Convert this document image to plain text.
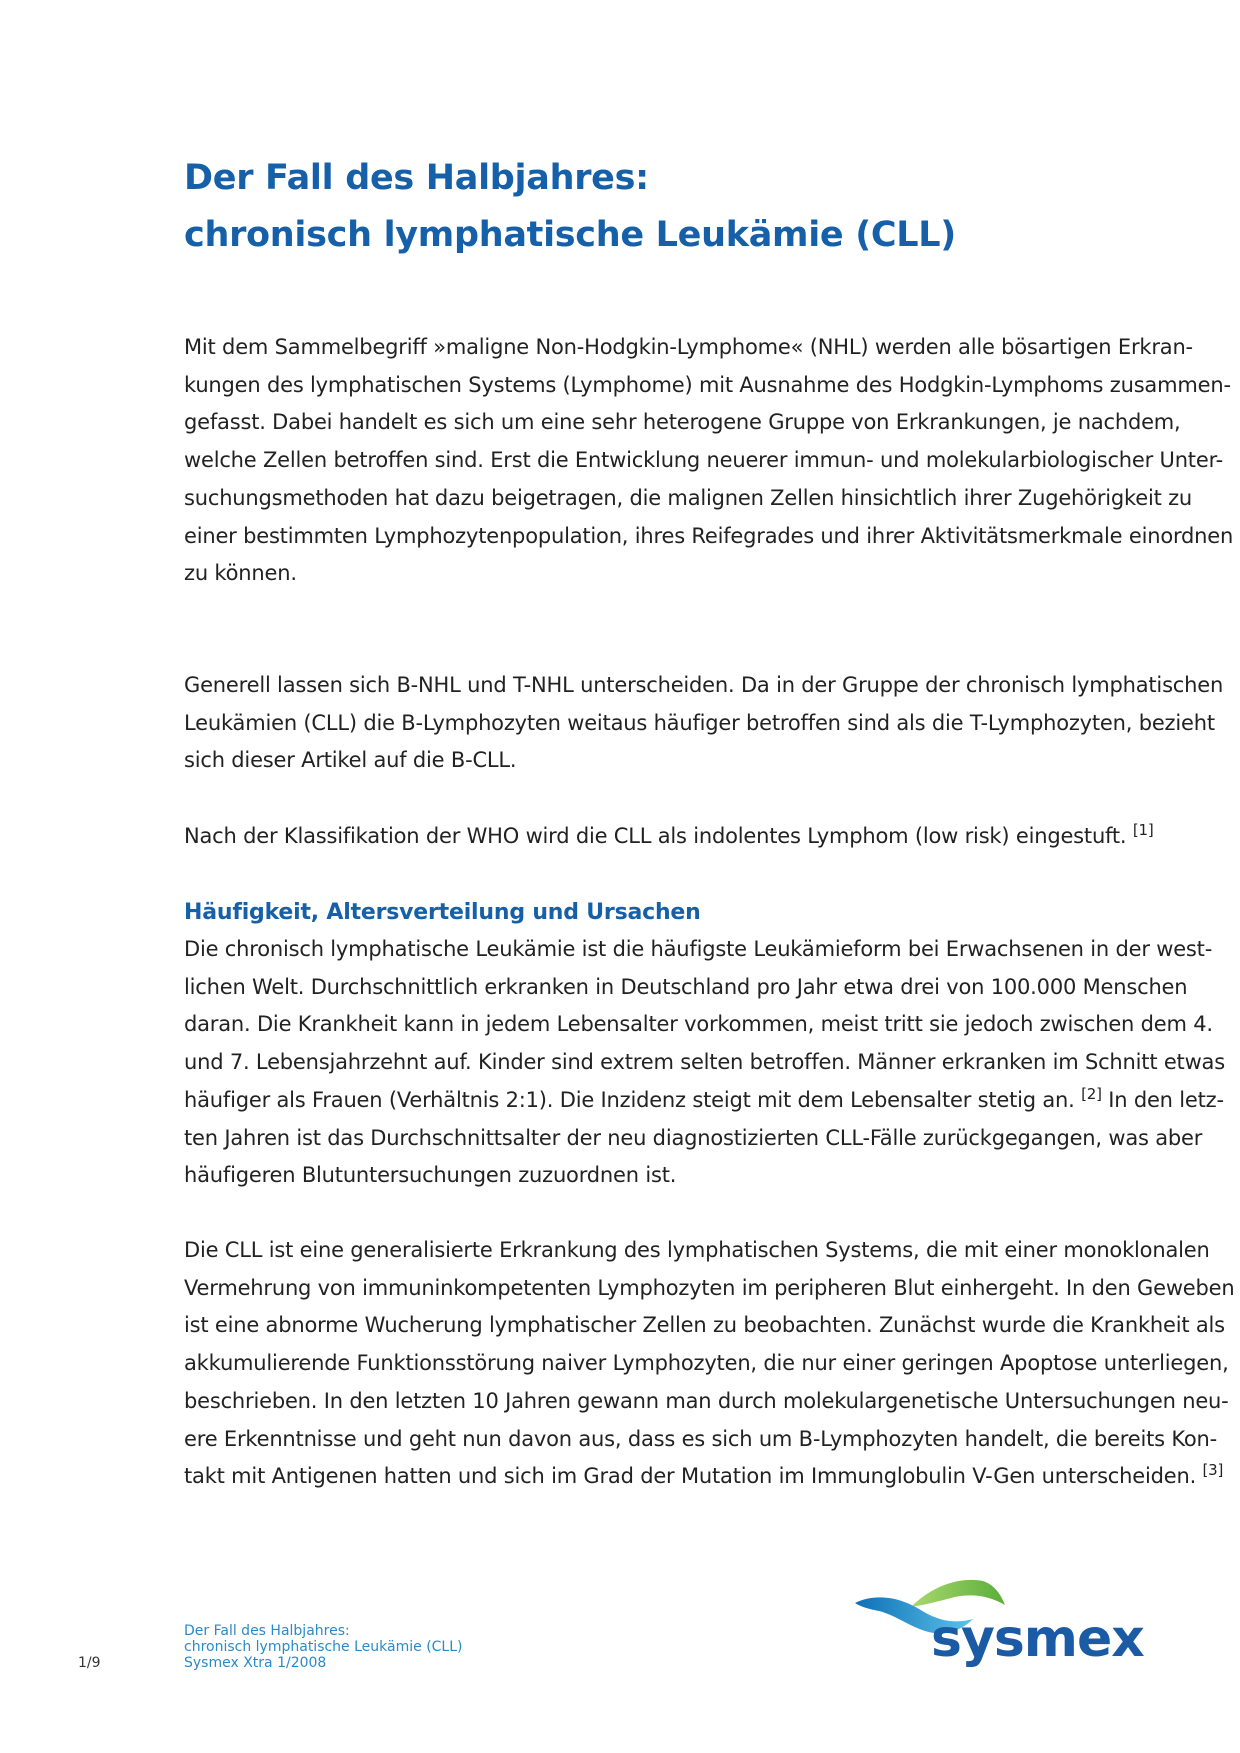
Der Fall des Halbjahres:
chronisch lymphatische Leukämie (CLL)

Mit dem Sammelbegriff »maligne Non-Hodgkin-Lymphome« (NHL) werden alle bösartigen Erkran-
kungen des lymphatischen Systems (Lymphome) mit Ausnahme des Hodgkin-Lymphoms zusammen-
gefasst. Dabei handelt es sich um eine sehr heterogene Gruppe von Erkrankungen, je nachdem,
welche Zellen betroffen sind. Erst die Entwicklung neuerer immun- und molekularbiologischer Unter-
suchungsmethoden hat dazu beigetragen, die malignen Zellen hinsichtlich ihrer Zugehörigkeit zu
einer bestimmten Lymphozytenpopulation, ihres Reifegrades und ihrer Aktivitätsmerkmale einordnen
zu können.

Generell lassen sich B-NHL und T-NHL unterscheiden. Da in der Gruppe der chronisch lymphatischen
Leukämien (CLL) die B-Lymphozyten weitaus häufiger betroffen sind als die T-Lymphozyten, bezieht
sich dieser Artikel auf die B-CLL.

Nach der Klassifikation der WHO wird die CLL als indolentes Lymphom (low risk) eingestuft. [1]

Häufigkeit, Altersverteilung und Ursachen

Die chronisch lymphatische Leukämie ist die häufigste Leukämieform bei Erwachsenen in der west-
lichen Welt. Durchschnittlich erkranken in Deutschland pro Jahr etwa drei von 100.000 Menschen
daran. Die Krankheit kann in jedem Lebensalter vorkommen, meist tritt sie jedoch zwischen dem 4.
und 7. Lebensjahrzehnt auf. Kinder sind extrem selten betroffen. Männer erkranken im Schnitt etwas
häufiger als Frauen (Verhältnis 2:1). Die Inzidenz steigt mit dem Lebensalter stetig an. [2] In den letz-
ten Jahren ist das Durchschnittsalter der neu diagnostizierten CLL-Fälle zurückgegangen, was aber
häufigeren Blutuntersuchungen zuzuordnen ist.

Die CLL ist eine generalisierte Erkrankung des lymphatischen Systems, die mit einer monoklonalen
Vermehrung von immuninkompetenten Lymphozyten im peripheren Blut einhergeht. In den Geweben
ist eine abnorme Wucherung lymphatischer Zellen zu beobachten. Zunächst wurde die Krankheit als
akkumulierende Funktionsstörung naiver Lymphozyten, die nur einer geringen Apoptose unterliegen,
beschrieben. In den letzten 10 Jahren gewann man durch molekulargenetische Untersuchungen neu-
ere Erkenntnisse und geht nun davon aus, dass es sich um B-Lymphozyten handelt, die bereits Kon-
takt mit Antigenen hatten und sich im Grad der Mutation im Immunglobulin V-Gen unterscheiden. [3]

1/9
Der Fall des Halbjahres:
chronisch lymphatische Leukämie (CLL)
Sysmex Xtra 1/2008	sysmex
